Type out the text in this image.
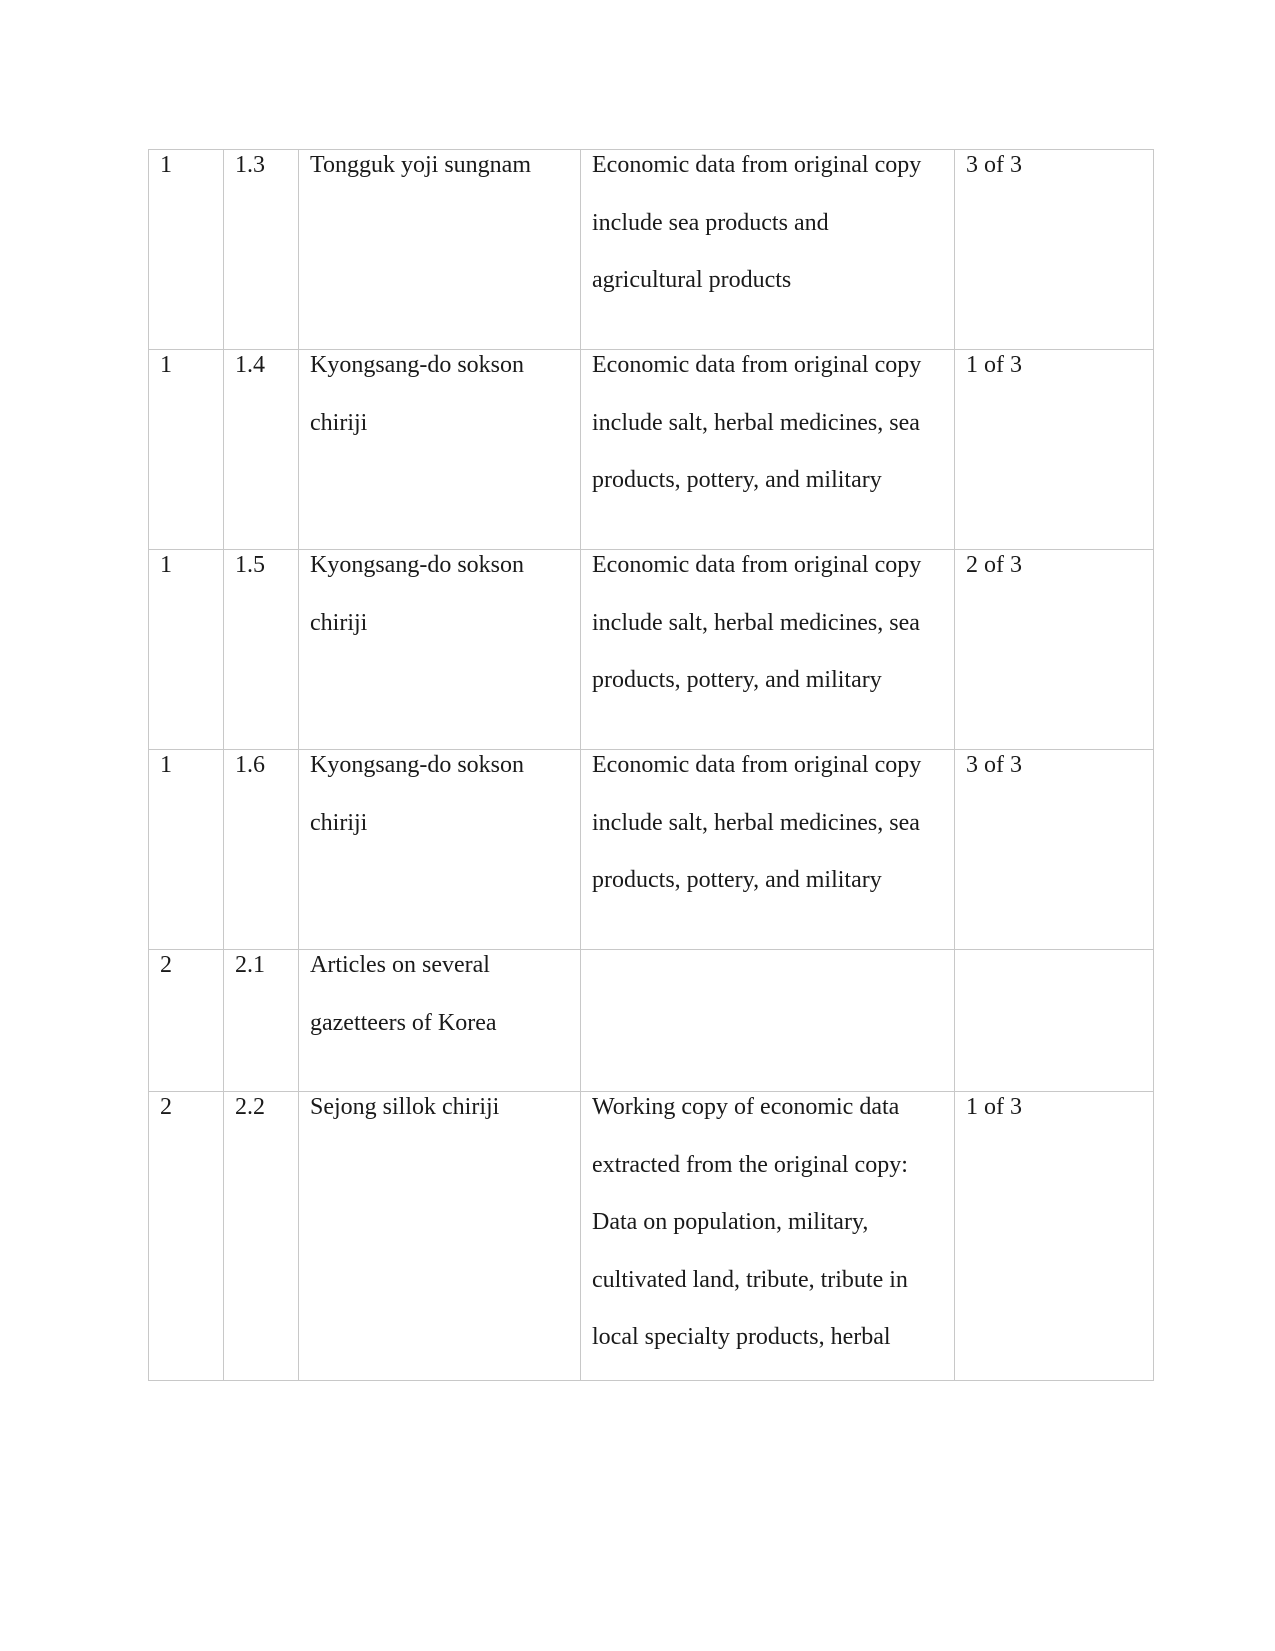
1	1.3	Tongguk yoji sungnam	Economic data from original copy include sea products and agricultural products	3 of 3

1	1.4	Kyongsang-do sokson chiriji	Economic data from original copy include salt, herbal medicines, sea products, pottery, and military	1 of 3

1	1.5	Kyongsang-do sokson chiriji	Economic data from original copy include salt, herbal medicines, sea products, pottery, and military	2 of 3

1	1.6	Kyongsang-do sokson chiriji	Economic data from original copy include salt, herbal medicines, sea products, pottery, and military	3 of 3

2	2.1	Articles on several gazetteers of Korea		

2	2.2	Sejong sillok chiriji	Working copy of economic data extracted from the original copy: Data on population, military, cultivated land, tribute, tribute in local specialty products, herbal	1 of 3
